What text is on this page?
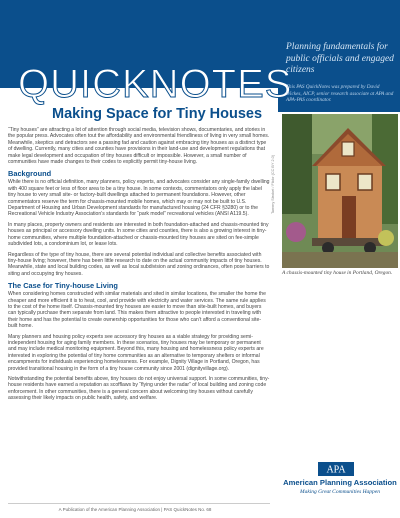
QUICKNOTES
Planning fundamentals for public officials and engaged citizens
This PAS QuickNotes was prepared by David Wickes, AICP, senior research associate at APA and APA-PAS coordinator.
Making Space for Tiny Houses

“Tiny houses” are attracting a lot of attention through social media, television shows, documentaries, and stories in the popular press. Advocates often tout the affordability and environmental friendliness of living in very small homes. Meanwhile, skeptics and detractors see a passing fad and caution against embracing tiny houses as a distinct type of dwelling. Currently, many cities and counties have provisions in their land-use and development regulations that make legal development and occupation of tiny houses difficult or impossible. However, a small number of communities have made changes to their codes to explicitly permit tiny-house living.

Background

While there is no official definition, many planners, policy experts, and advocates consider any single-family dwelling with 400 square feet or less of floor area to be a tiny house. In some contexts, commentators only apply the label tiny house to very small site- or factory-built dwellings attached to permanent foundations. However, other commentators reserve the term for chassis-mounted mobile homes, which may or may not be built to U.S. Department of Housing and Urban Development standards for manufactured housing (24 CFR §3280) or to the Recreational Vehicle Industry Association’s standards for “park model” recreational vehicles (ANSI A119.5).

In many places, property owners and residents are interested in both foundation-attached and chassis-mounted tiny houses as principal or accessory dwelling units. In some cities and counties, there is also a growing interest in tiny-home communities, where multiple foundation-attached or chassis-mounted tiny houses are sited on fee-simple subdivided lots, a condominium lot, or lease lots.

Regardless of the type of tiny house, there are several potential individual and collective benefits associated with tiny-house living; however, there has been little research to date on the actual community impacts of tiny houses. Meanwhile, state and local building codes, as well as local subdivision and zoning ordinances, often pose barriers to siting and occupying tiny houses.

The Case for Tiny-house Living

When considering homes constructed with similar materials and sited in similar locations, the smaller the home the cheaper and more efficient it is to heat, cool, and provide with electricity and water services. The same rule applies to the cost of the home itself. Chassis-mounted tiny houses are easier to move than site-built homes, and buyers can typically purchase them separate from land. This makes them attractive to people interested in traveling with their home and has the potential to create ownership opportunities for those who can’t afford a conventional site-built home.

Many planners and housing policy experts see accessory tiny houses as a viable strategy for providing semi-independent housing for aging family members. In these scenarios, tiny houses may be temporary or permanent and may include medical monitoring equipment. Beyond this, many housing and homelessness policy experts are interested in exploring the potential of tiny home communities as an alternative to temporary shelters or informal encampments for individuals experiencing homelessness. For example, Dignity Village in Portland, Oregon, has provided transitional housing in the form of a tiny house community since 2001 (dignityvillage.org).

Notwithstanding the potential benefits above, tiny houses do not enjoy universal support. In some communities, tiny-house residents have earned a reputation as scofflaws by “flying under the radar” of local building and zoning code enforcement. In other communities, there is a general concern about welcoming tiny houses without carefully assessing their likely impacts on public health, safety, and welfare.

Tammy Strobel / Flickr (CC BY 2.0)
A chassis-mounted tiny house in Portland, Oregon.
APA
American Planning Association
Making Great Communities Happen
A Publication of the American Planning Association | PAS QuickNotes No. 68
